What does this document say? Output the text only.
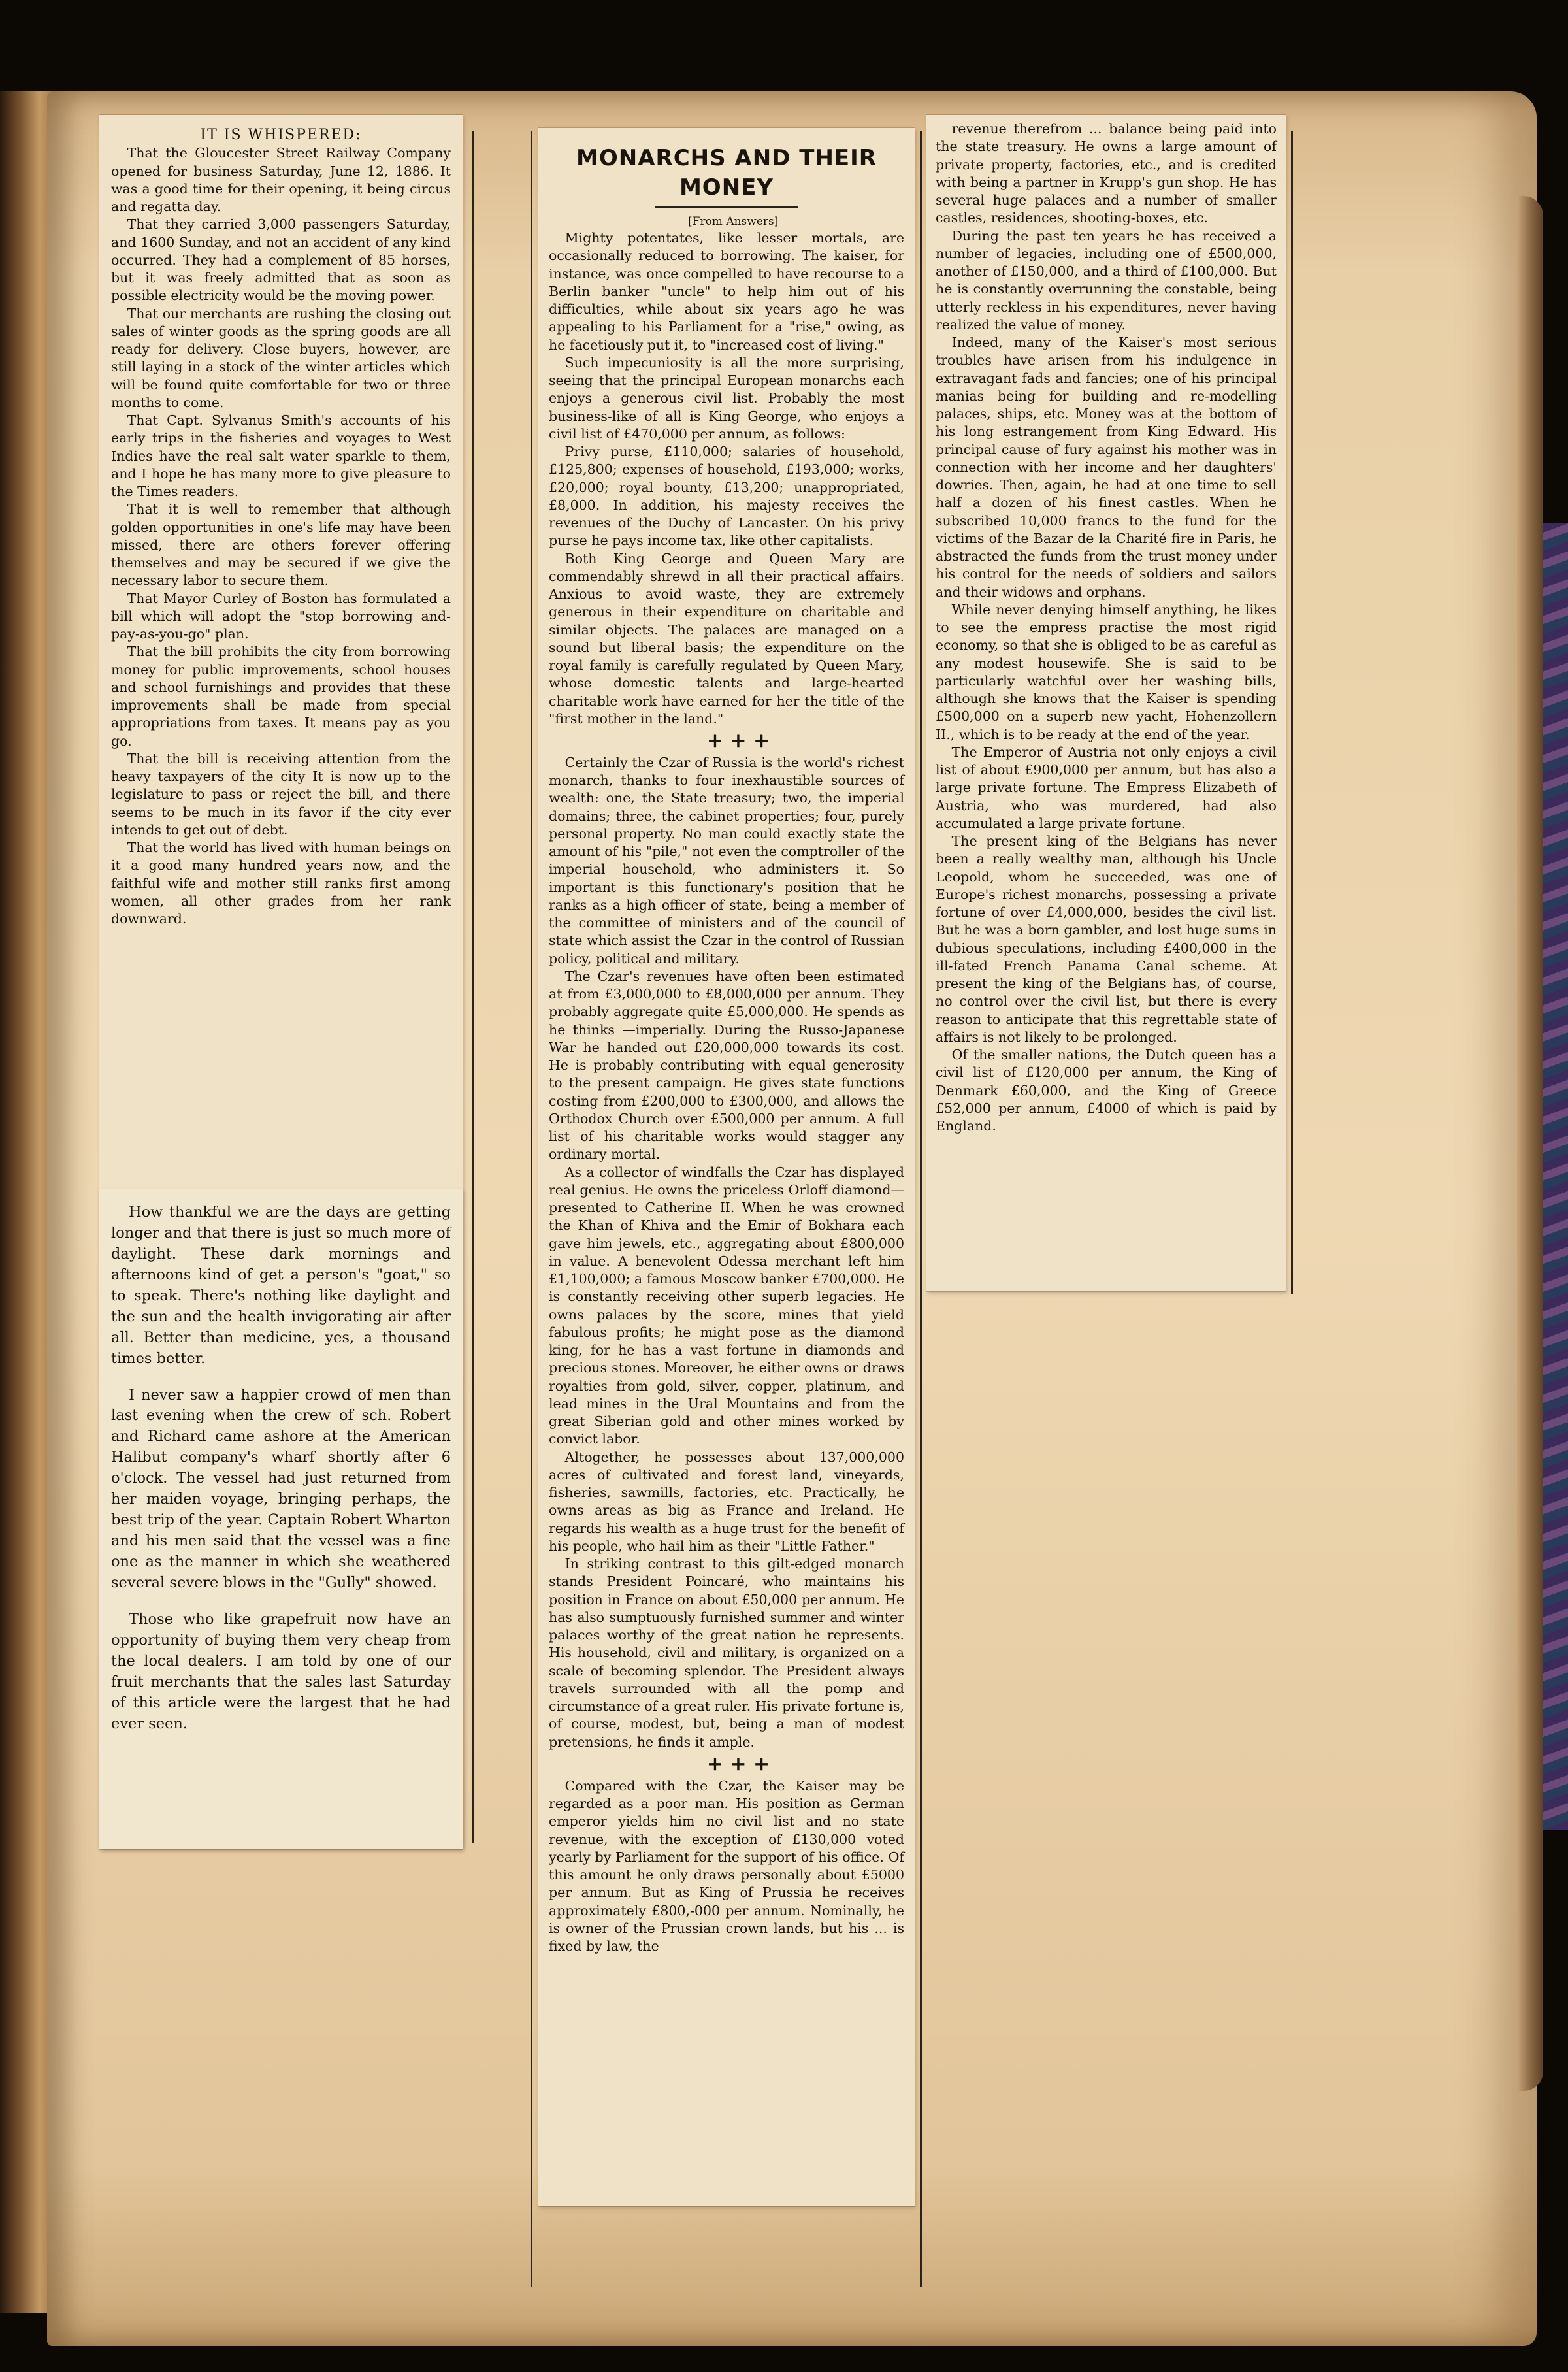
IT IS WHISPERED:

That the Gloucester Street Railway Company opened for business Saturday, June 12, 1886. It was a good time for their opening, it being circus and regatta day.

That they carried 3,000 passengers Saturday, and 1600 Sunday, and not an accident of any kind occurred. They had a complement of 85 horses, but it was freely admitted that as soon as possible electricity would be the moving power.

That our merchants are rushing the closing out sales of winter goods as the spring goods are all ready for delivery. Close buyers, however, are still laying in a stock of the winter articles which will be found quite comfortable for two or three months to come.

That Capt. Sylvanus Smith's accounts of his early trips in the fisheries and voyages to West Indies have the real salt water sparkle to them, and I hope he has many more to give pleasure to the Times readers.

That it is well to remember that although golden opportunities in one's life may have been missed, there are others forever offering themselves and may be secured if we give the necessary labor to secure them.

That Mayor Curley of Boston has formulated a bill which will adopt the "stop borrowing and-pay-as-you-go" plan.

That the bill prohibits the city from borrowing money for public improvements, school houses and school furnishings and provides that these improvements shall be made from special appropriations from taxes. It means pay as you go.

That the bill is receiving attention from the heavy taxpayers of the city It is now up to the legislature to pass or reject the bill, and there seems to be much in its favor if the city ever intends to get out of debt.

That the world has lived with human beings on it a good many hundred years now, and the faithful wife and mother still ranks first among women, all other grades from her rank downward.

How thankful we are the days are getting longer and that there is just so much more of daylight. These dark mornings and afternoons kind of get a person's "goat," so to speak. There's nothing like daylight and the sun and the health invigorating air after all. Better than medicine, yes, a thousand times better.

I never saw a happier crowd of men than last evening when the crew of sch. Robert and Richard came ashore at the American Halibut company's wharf shortly after 6 o'clock. The vessel had just returned from her maiden voyage, bringing perhaps, the best trip of the year. Captain Robert Wharton and his men said that the vessel was a fine one as the manner in which she weathered several severe blows in the "Gully" showed.

Those who like grapefruit now have an opportunity of buying them very cheap from the local dealers. I am told by one of our fruit merchants that the sales last Saturday of this article were the largest that he had ever seen.

MONARCHS AND THEIR MONEY

[From Answers]

Mighty potentates, like lesser mortals, are occasionally reduced to borrowing. The kaiser, for instance, was once compelled to have recourse to a Berlin banker "uncle" to help him out of his difficulties, while about six years ago he was appealing to his Parliament for a "rise," owing, as he facetiously put it, to "increased cost of living."

Such impecuniosity is all the more surprising, seeing that the principal European monarchs each enjoys a generous civil list. Probably the most business-like of all is King George, who enjoys a civil list of £470,000 per annum, as follows:

Privy purse, £110,000; salaries of household, £125,800; expenses of household, £193,000; works, £20,000; royal bounty, £13,200; unappropriated, £8,000. In addition, his majesty receives the revenues of the Duchy of Lancaster. On his privy purse he pays income tax, like other capitalists.

Both King George and Queen Mary are commendably shrewd in all their practical affairs. Anxious to avoid waste, they are extremely generous in their expenditure on charitable and similar objects. The palaces are managed on a sound but liberal basis; the expenditure on the royal family is carefully regulated by Queen Mary, whose domestic talents and large-hearted charitable work have earned for her the title of the "first mother in the land."

+ + +

Certainly the Czar of Russia is the world's richest monarch, thanks to four inexhaustible sources of wealth: one, the State treasury; two, the imperial domains; three, the cabinet properties; four, purely personal property. No man could exactly state the amount of his "pile," not even the comptroller of the imperial household, who administers it. So important is this functionary's position that he ranks as a high officer of state, being a member of the committee of ministers and of the council of state which assist the Czar in the control of Russian policy, political and military.

The Czar's revenues have often been estimated at from £3,000,000 to £8,000,000 per annum. They probably aggregate quite £5,000,000. He spends as he thinks —imperially. During the Russo-Japanese War he handed out £20,000,000 towards its cost. He is probably contributing with equal generosity to the present campaign. He gives state functions costing from £200,000 to £300,000, and allows the Orthodox Church over £500,000 per annum. A full list of his charitable works would stagger any ordinary mortal.

As a collector of windfalls the Czar has displayed real genius. He owns the priceless Orloff diamond—presented to Catherine II. When he was crowned the Khan of Khiva and the Emir of Bokhara each gave him jewels, etc., aggregating about £800,000 in value. A benevolent Odessa merchant left him £1,100,000; a famous Moscow banker £700,000. He is constantly receiving other superb legacies. He owns palaces by the score, mines that yield fabulous profits; he might pose as the diamond king, for he has a vast fortune in diamonds and precious stones. Moreover, he either owns or draws royalties from gold, silver, copper, platinum, and lead mines in the Ural Mountains and from the great Siberian gold and other mines worked by convict labor.

Altogether, he possesses about 137,000,000 acres of cultivated and forest land, vineyards, fisheries, sawmills, factories, etc. Practically, he owns areas as big as France and Ireland. He regards his wealth as a huge trust for the benefit of his people, who hail him as their "Little Father."

In striking contrast to this gilt-edged monarch stands President Poincaré, who maintains his position in France on about £50,000 per annum. He has also sumptuously furnished summer and winter palaces worthy of the great nation he represents. His household, civil and military, is organized on a scale of becoming splendor. The President always travels surrounded with all the pomp and circumstance of a great ruler. His private fortune is, of course, modest, but, being a man of modest pretensions, he finds it ample.

+ + +

Compared with the Czar, the Kaiser may be regarded as a poor man. His position as German emperor yields him no civil list and no state revenue, with the exception of £130,000 voted yearly by Parliament for the support of his office. Of this amount he only draws personally about £5000 per annum. But as King of Prussia he receives approximately £800,-000 per annum. Nominally, he is owner of the Prussian crown lands, but his ... is fixed by law, the

revenue therefrom ... balance being paid into the state treasury. He owns a large amount of private property, factories, etc., and is credited with being a partner in Krupp's gun shop. He has several huge palaces and a number of smaller castles, residences, shooting-boxes, etc.

During the past ten years he has received a number of legacies, including one of £500,000, another of £150,000, and a third of £100,000. But he is constantly overrunning the constable, being utterly reckless in his expenditures, never having realized the value of money.

Indeed, many of the Kaiser's most serious troubles have arisen from his indulgence in extravagant fads and fancies; one of his principal manias being for building and re-modelling palaces, ships, etc. Money was at the bottom of his long estrangement from King Edward. His principal cause of fury against his mother was in connection with her income and her daughters' dowries. Then, again, he had at one time to sell half a dozen of his finest castles. When he subscribed 10,000 francs to the fund for the victims of the Bazar de la Charité fire in Paris, he abstracted the funds from the trust money under his control for the needs of soldiers and sailors and their widows and orphans.

While never denying himself anything, he likes to see the empress practise the most rigid economy, so that she is obliged to be as careful as any modest housewife. She is said to be particularly watchful over her washing bills, although she knows that the Kaiser is spending £500,000 on a superb new yacht, Hohenzollern II., which is to be ready at the end of the year.

The Emperor of Austria not only enjoys a civil list of about £900,000 per annum, but has also a large private fortune. The Empress Elizabeth of Austria, who was murdered, had also accumulated a large private fortune.

The present king of the Belgians has never been a really wealthy man, although his Uncle Leopold, whom he succeeded, was one of Europe's richest monarchs, possessing a private fortune of over £4,000,000, besides the civil list. But he was a born gambler, and lost huge sums in dubious speculations, including £400,000 in the ill-fated French Panama Canal scheme. At present the king of the Belgians has, of course, no control over the civil list, but there is every reason to anticipate that this regrettable state of affairs is not likely to be prolonged.

Of the smaller nations, the Dutch queen has a civil list of £120,000 per annum, the King of Denmark £60,000, and the King of Greece £52,000 per annum, £4000 of which is paid by England.
